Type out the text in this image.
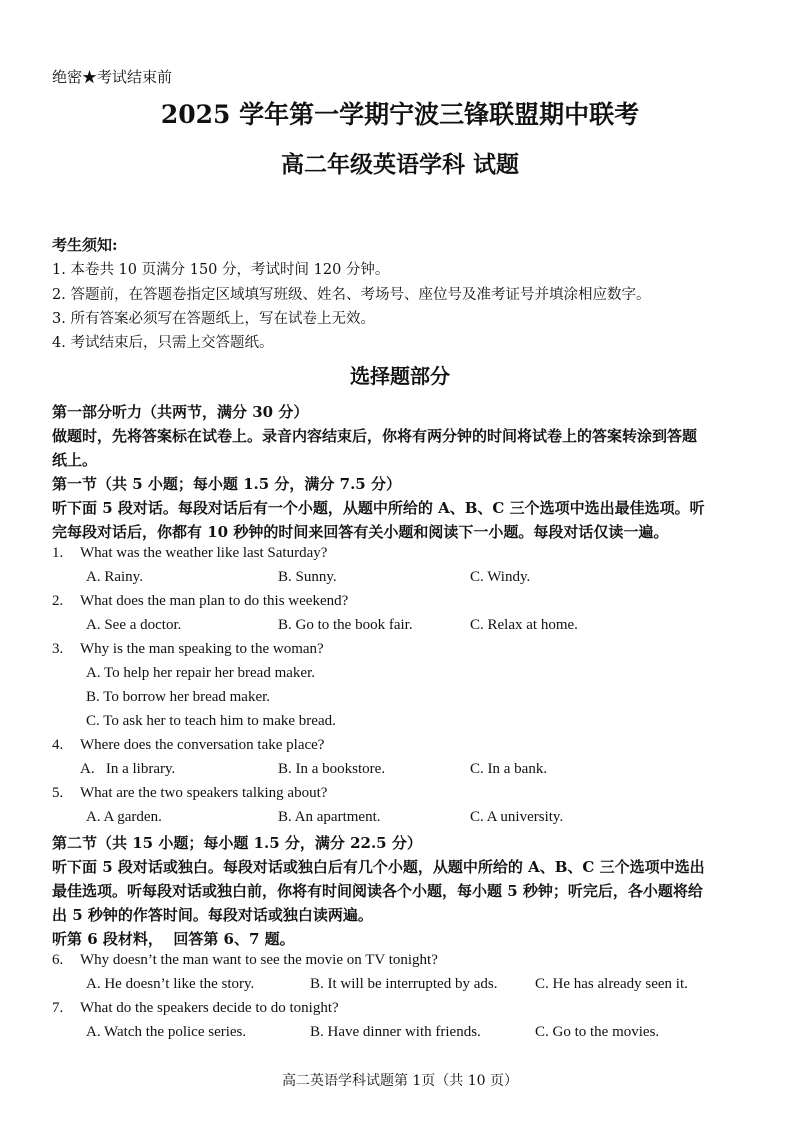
绝密★考试结束前
2025 学年第一学期宁波三锋联盟期中联考
高二年级英语学科 试题
考生须知:
1. 本卷共 10 页满分 150 分，考试时间 120 分钟。
2. 答题前，在答题卷指定区域填写班级、姓名、考场号、座位号及准考证号并填涂相应数字。
3. 所有答案必须写在答题纸上，写在试卷上无效。
4. 考试结束后，只需上交答题纸。
选择题部分
第一部分听力（共两节，满分 30 分）
做题时，先将答案标在试卷上。录音内容结束后，你将有两分钟的时间将试卷上的答案转涂到答题
纸上。
第一节（共 5 小题；每小题 1.5 分，满分 7.5 分）
听下面 5 段对话。每段对话后有一个小题，从题中所给的 A、B、C 三个选项中选出最佳选项。听
完每段对话后，你都有 10 秒钟的时间来回答有关小题和阅读下一小题。每段对话仅读一遍。
1. What was the weather like last Saturday?
A. Rainy.	B. Sunny.	C. Windy.
2. What does the man plan to do this weekend?
A. See a doctor.	B. Go to the book fair.	C. Relax at home.
3. Why is the man speaking to the woman?
A. To help her repair her bread maker.
B. To borrow her bread maker.
C. To ask her to teach him to make bread.
4. Where does the conversation take place?
A.   In a library.	B. In a bookstore.	C. In a bank.
5. What are the two speakers talking about?
A. A garden.	B. An apartment.	C. A university.
第二节（共 15 小题；每小题 1.5 分，满分 22.5 分）
听下面 5 段对话或独白。每段对话或独白后有几个小题，从题中所给的 A、B、C 三个选项中选出
最佳选项。听每段对话或独白前，你将有时间阅读各个小题，每小题 5 秒钟；听完后，各小题将给
出 5 秒钟的作答时间。每段对话或独白读两遍。
听第 6 段材料，  回答第 6、7 题。
6. Why doesn’t the man want to see the movie on TV tonight?
A. He doesn’t like the story.	B. It will be interrupted by ads.	C. He has already seen it.
7. What do the speakers decide to do tonight?
A. Watch the police series.	B. Have dinner with friends.	C. Go to the movies.
高二英语学科试题第 1页（共 10 页）
